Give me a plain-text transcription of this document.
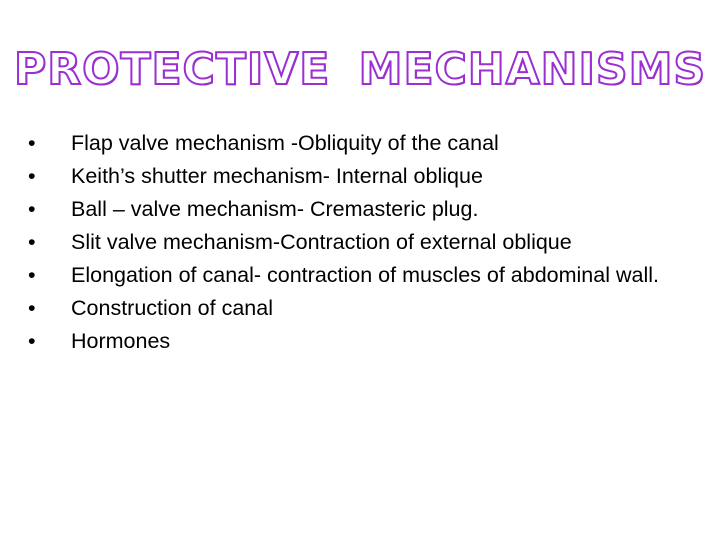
PROTECTIVE MECHANISMS
•	Flap valve mechanism -Obliquity of the canal
•	Keith’s shutter mechanism- Internal oblique
•	Ball – valve mechanism- Cremasteric plug.
•	Slit valve mechanism-Contraction of external oblique
•	Elongation of canal- contraction of muscles of abdominal wall.
•	Construction of canal
•	Hormones
